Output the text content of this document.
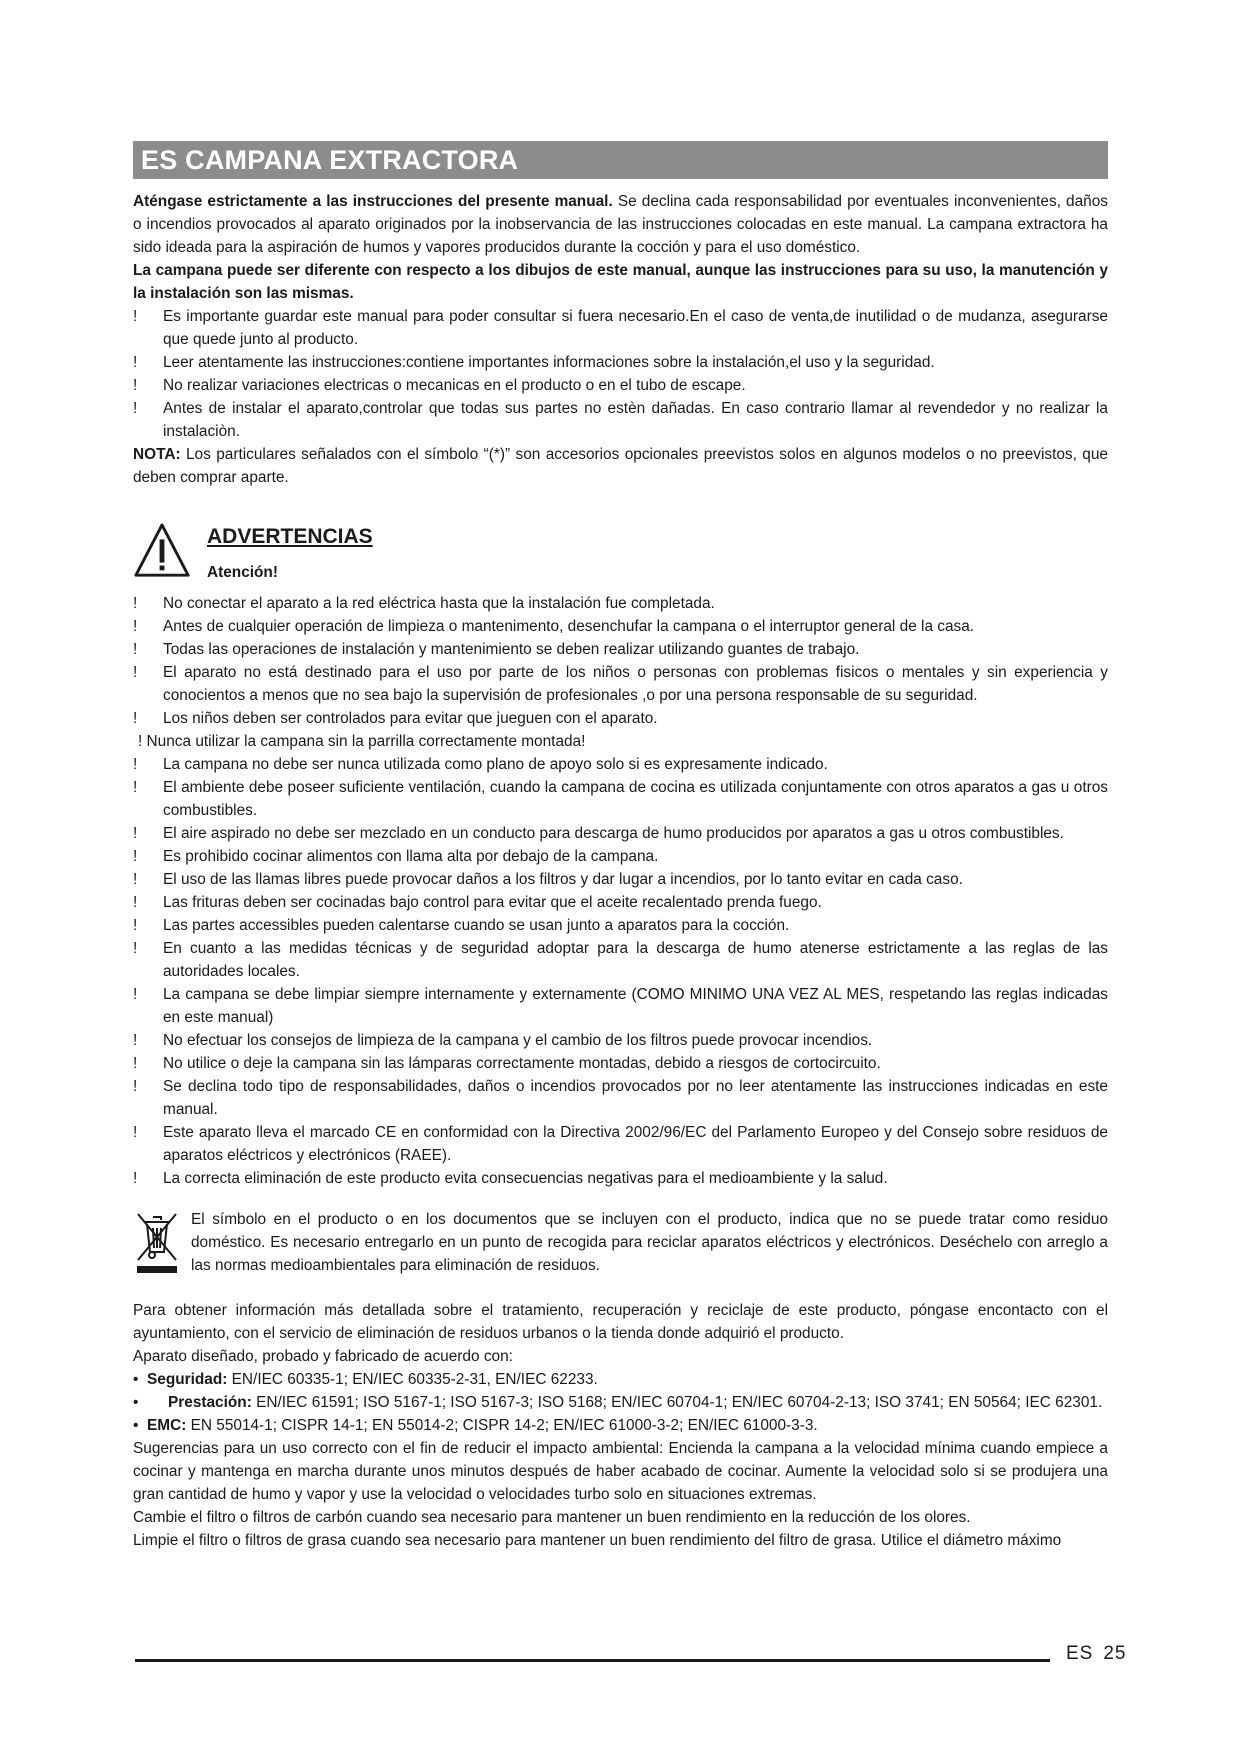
ES CAMPANA EXTRACTORA

Aténgase estrictamente a las instrucciones del presente manual. Se declina cada responsabilidad por eventuales inconvenientes, daños o incendios provocados al aparato originados por la inobservancia de las instrucciones colocadas en este manual. La campana extractora ha sido ideada para la aspiración de humos y vapores producidos durante la cocción y para el uso doméstico.

La campana puede ser diferente con respecto a los dibujos de este manual, aunque las instrucciones para su uso, la manutención y la instalación son las mismas.

!	Es importante guardar este manual para poder consultar si fuera necesario.En el caso de venta,de inutilidad o de mudanza, asegurarse que quede junto al producto.
!	Leer atentamente las instrucciones:contiene importantes informaciones sobre la instalación,el uso y la seguridad.
!	No realizar variaciones electricas o mecanicas en el producto o en el tubo de escape.
!	Antes de instalar el aparato,controlar que todas sus partes no estèn dañadas. En caso contrario llamar al revendedor y no realizar la instalaciòn.

NOTA: Los particulares señalados con el símbolo “(*)” son accesorios opcionales preevistos solos en algunos modelos o no preevistos, que deben comprar aparte.

ADVERTENCIAS
Atención!
!	No conectar el aparato a la red eléctrica hasta que la instalación fue completada.
!	Antes de cualquier operación de limpieza o mantenimento, desenchufar la campana o el interruptor general de la casa.
!	Todas las operaciones de instalación y mantenimiento se deben realizar utilizando guantes de trabajo.
!	El aparato no está destinado para el uso por parte de los niños o personas con problemas fisicos o mentales y sin experiencia y conocientos a menos que no sea bajo la supervisión de profesionales ,o por una persona responsable de su seguridad.
!	Los niños deben ser controlados para evitar que jueguen con el aparato.
! Nunca utilizar la campana sin la parrilla correctamente montada!
!	La campana no debe ser nunca utilizada como plano de apoyo solo si es expresamente indicado.
!	El ambiente debe poseer suficiente ventilación, cuando la campana de cocina es utilizada conjuntamente con otros aparatos a gas u otros combustibles.
!	El aire aspirado no debe ser mezclado en un conducto para descarga de humo producidos por aparatos a gas u otros combustibles.
!	Es prohibido cocinar alimentos con llama alta por debajo de la campana.
!	El uso de las llamas libres puede provocar daños a los filtros y dar lugar a incendios, por lo tanto evitar en cada caso.
!	Las frituras deben ser cocinadas bajo control para evitar que el aceite recalentado prenda fuego.
!	Las partes accessibles pueden calentarse cuando se usan junto a aparatos para la cocción.
!	En cuanto a las medidas técnicas y de seguridad adoptar para la descarga de humo atenerse estrictamente a las reglas de las autoridades locales.
!	La campana se debe limpiar siempre internamente y externamente (COMO MINIMO UNA VEZ AL MES, respetando las reglas indicadas en este manual)
!	No efectuar los consejos de limpieza de la campana y el cambio de los filtros puede provocar incendios.
!	No utilice o deje la campana sin las lámparas correctamente montadas, debido a riesgos de cortocircuito.
!	Se declina todo tipo de responsabilidades, daños o incendios provocados por no leer atentamente las instrucciones indicadas en este manual.
!	Este aparato lleva el marcado CE en conformidad con la Directiva 2002/96/EC del Parlamento Europeo y del Consejo sobre residuos de aparatos eléctricos y electrónicos (RAEE).
!	La correcta eliminación de este producto evita consecuencias negativas para el medioambiente y la salud.
El símbolo en el producto o en los documentos que se incluyen con el producto, indica que no se puede tratar como residuo doméstico. Es necesario entregarlo en un punto de recogida para reciclar aparatos eléctricos y electrónicos. Deséchelo con arreglo a las normas medioambientales para eliminación de residuos.

Para obtener información más detallada sobre el tratamiento, recuperación y reciclaje de este producto, póngase encontacto con el ayuntamiento, con el servicio de eliminación de residuos urbanos o la tienda donde adquirió el producto.

Aparato diseñado, probado y fabricado de acuerdo con:

• Seguridad: EN/IEC 60335-1; EN/IEC 60335-2-31, EN/IEC 62233.
•	Prestación: EN/IEC 61591; ISO 5167-1; ISO 5167-3; ISO 5168; EN/IEC 60704-1; EN/IEC 60704-2-13; ISO 3741; EN 50564; IEC 62301.
• EMC: EN 55014-1; CISPR 14-1; EN 55014-2; CISPR 14-2; EN/IEC 61000-3-2; EN/IEC 61000-3-3.

Sugerencias para un uso correcto con el fin de reducir el impacto ambiental: Encienda la campana a la velocidad mínima cuando empiece a cocinar y mantenga en marcha durante unos minutos después de haber acabado de cocinar. Aumente la velocidad solo si se produjera una gran cantidad de humo y vapor y use la velocidad o velocidades turbo solo en situaciones extremas.

Cambie el filtro o filtros de carbón cuando sea necesario para mantener un buen rendimiento en la reducción de los olores.

Limpie el filtro o filtros de grasa cuando sea necesario para mantener un buen rendimiento del filtro de grasa. Utilice el diámetro máximo

ES 25
